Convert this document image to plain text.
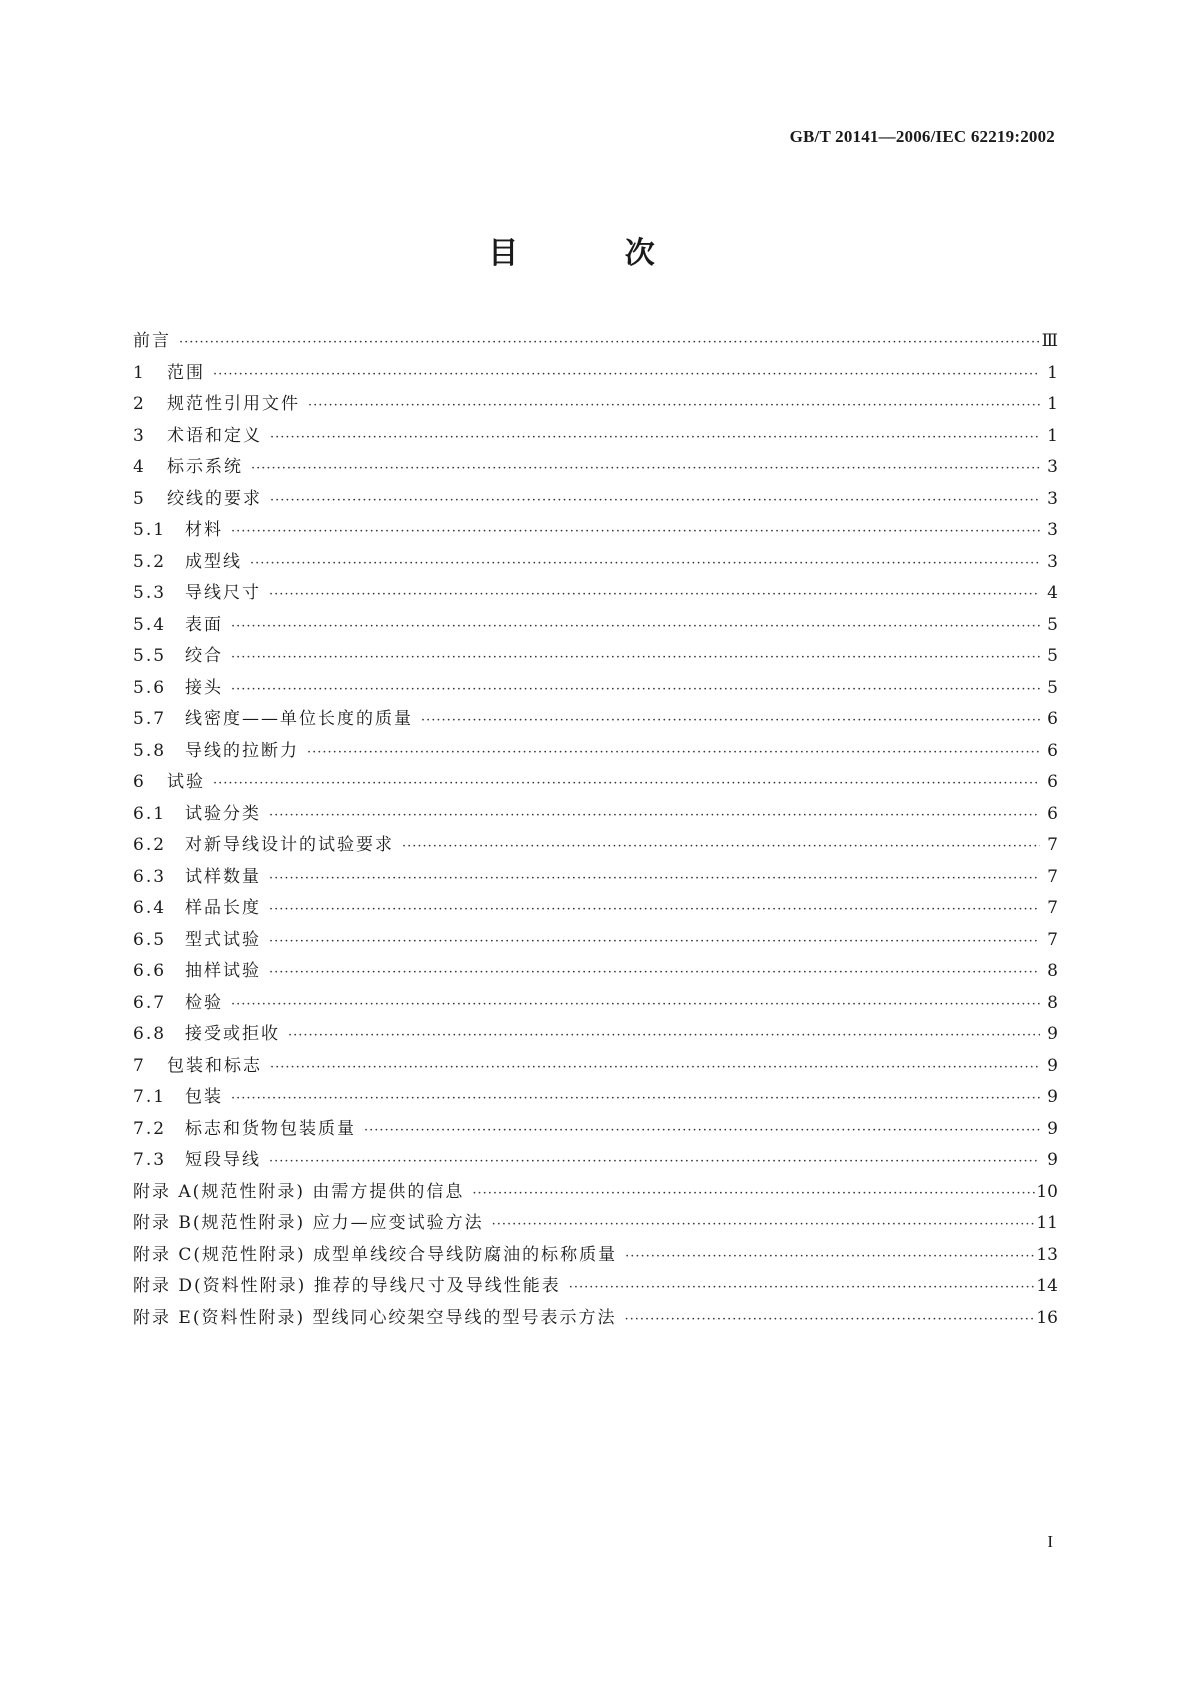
GB/T 20141—2006/IEC 62219:2002
目 次
前言 ·····	Ⅲ
1	范围 ·····	1
2	规范性引用文件 ·····	1
3	术语和定义 ·····	1
4	标示系统 ·····	3
5	绞线的要求 ·····	3
5.1	材料 ·····	3
5.2	成型线 ·····	3
5.3	导线尺寸 ·····	4
5.4	表面 ·····	5
5.5	绞合 ·····	5
5.6	接头 ·····	5
5.7	线密度——单位长度的质量 ·····	6
5.8	导线的拉断力 ·····	6
6	试验 ·····	6
6.1	试验分类 ·····	6
6.2	对新导线设计的试验要求 ·····	7
6.3	试样数量 ·····	7
6.4	样品长度 ·····	7
6.5	型式试验 ·····	7
6.6	抽样试验 ·····	8
6.7	检验 ·····	8
6.8	接受或拒收 ·····	9
7	包装和标志 ·····	9
7.1	包装 ·····	9
7.2	标志和货物包装质量 ·····	9
7.3	短段导线 ·····	9
附录 A(规范性附录) 由需方提供的信息 ·····	10
附录 B(规范性附录) 应力—应变试验方法 ·····	11
附录 C(规范性附录) 成型单线绞合导线防腐油的标称质量 ·····	13
附录 D(资料性附录) 推荐的导线尺寸及导线性能表 ·····	14
附录 E(资料性附录) 型线同心绞架空导线的型号表示方法 ·····	16
I
